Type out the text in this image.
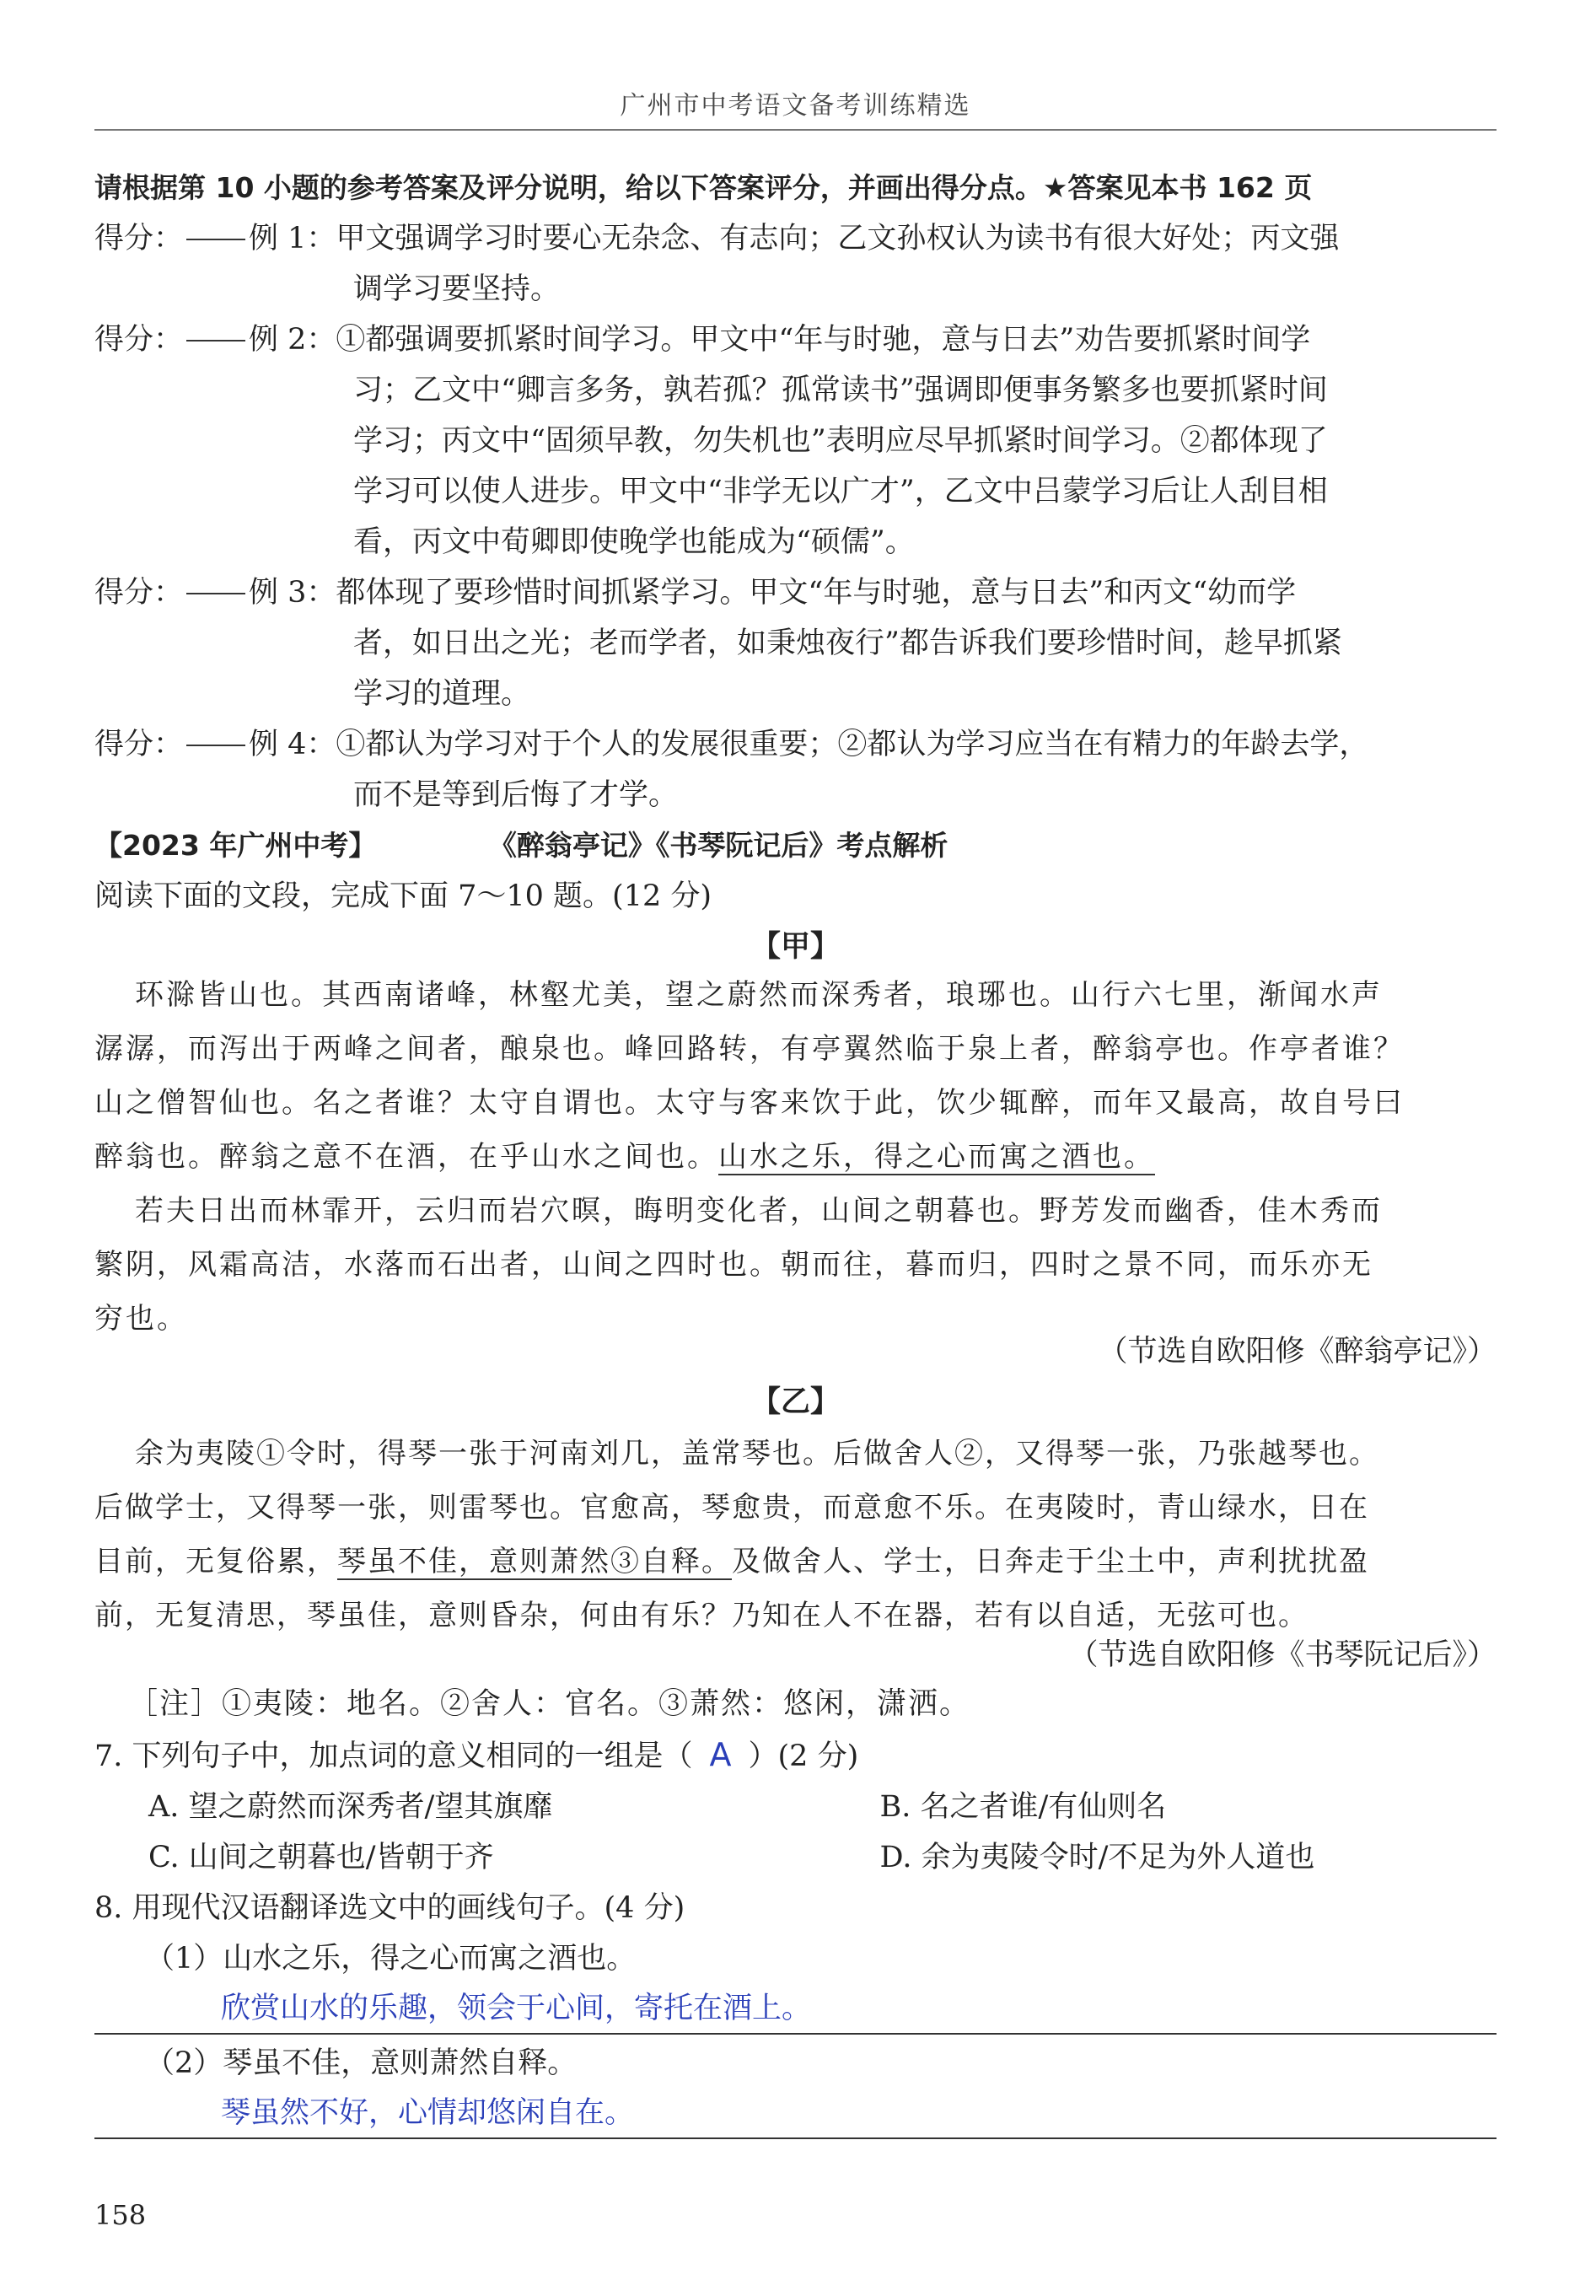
广州市中考语文备考训练精选
请根据第 10 小题的参考答案及评分说明，给以下答案评分，并画出得分点。★答案见本书 162 页
得分： 例 1： 甲文强调学习时要心无杂念、有志向；乙文孙权认为读书有很大好处；丙文强
调学习要坚持。
得分： 例 2： ①都强调要抓紧时间学习。甲文中“年与时驰，意与日去”劝告要抓紧时间学
习；乙文中“卿言多务，孰若孤？孤常读书”强调即便事务繁多也要抓紧时间
学习；丙文中“固须早教，勿失机也”表明应尽早抓紧时间学习。②都体现了
学习可以使人进步。甲文中“非学无以广才”，乙文中吕蒙学习后让人刮目相
看，丙文中荀卿即使晚学也能成为“硕儒”。
得分： 例 3： 都体现了要珍惜时间抓紧学习。甲文“年与时驰，意与日去”和丙文“幼而学
者，如日出之光；老而学者，如秉烛夜行”都告诉我们要珍惜时间，趁早抓紧
学习的道理。
得分： 例 4： ①都认为学习对于个人的发展很重要；②都认为学习应当在有精力的年龄去学，
而不是等到后悔了才学。
【2023 年广州中考】	《醉翁亭记》《书琴阮记后》考点解析
阅读下面的文段，完成下面 7～10 题。(12 分)
【甲】
环滁皆山也。其西南诸峰，林壑尤美，望之蔚然而深秀者，琅琊也。山行六七里，渐闻水声
潺潺，而泻出于两峰之间者，酿泉也。峰回路转，有亭翼然临于泉上者，醉翁亭也。作亭者谁？
山之僧智仙也。名之者谁？太守自谓也。太守与客来饮于此，饮少辄醉，而年又最高，故自号曰
醉翁也。醉翁之意不在酒，在乎山水之间也。山水之乐，得之心而寓之酒也。
若夫日出而林霏开，云归而岩穴暝，晦明变化者，山间之朝暮也。野芳发而幽香，佳木秀而
繁阴，风霜高洁，水落而石出者，山间之四时也。朝而往，暮而归，四时之景不同，而乐亦无
穷也。
（节选自欧阳修《醉翁亭记》）
【乙】
余为夷陵①令时，得琴一张于河南刘几，盖常琴也。后做舍人②，又得琴一张，乃张越琴也。
后做学士，又得琴一张，则雷琴也。官愈高，琴愈贵，而意愈不乐。在夷陵时，青山绿水，日在
目前，无复俗累，琴虽不佳，意则萧然③自释。及做舍人、学士，日奔走于尘土中，声利扰扰盈
前，无复清思，琴虽佳，意则昏杂，何由有乐？乃知在人不在器，若有以自适，无弦可也。
（节选自欧阳修《书琴阮记后》）
［注］①夷陵：地名。②舍人：官名。③萧然：悠闲，潇洒。
7. 下列句子中，加点词的意义相同的一组是（ A ）(2 分)
A. 望之蔚然而深秀者/望其旗靡	B. 名之者谁/有仙则名
C. 山间之朝暮也/皆朝于齐	D. 余为夷陵令时/不足为外人道也
8. 用现代汉语翻译选文中的画线句子。(4 分)
（1）山水之乐，得之心而寓之酒也。
欣赏山水的乐趣，领会于心间，寄托在酒上。
（2）琴虽不佳，意则萧然自释。
琴虽然不好，心情却悠闲自在。
158
